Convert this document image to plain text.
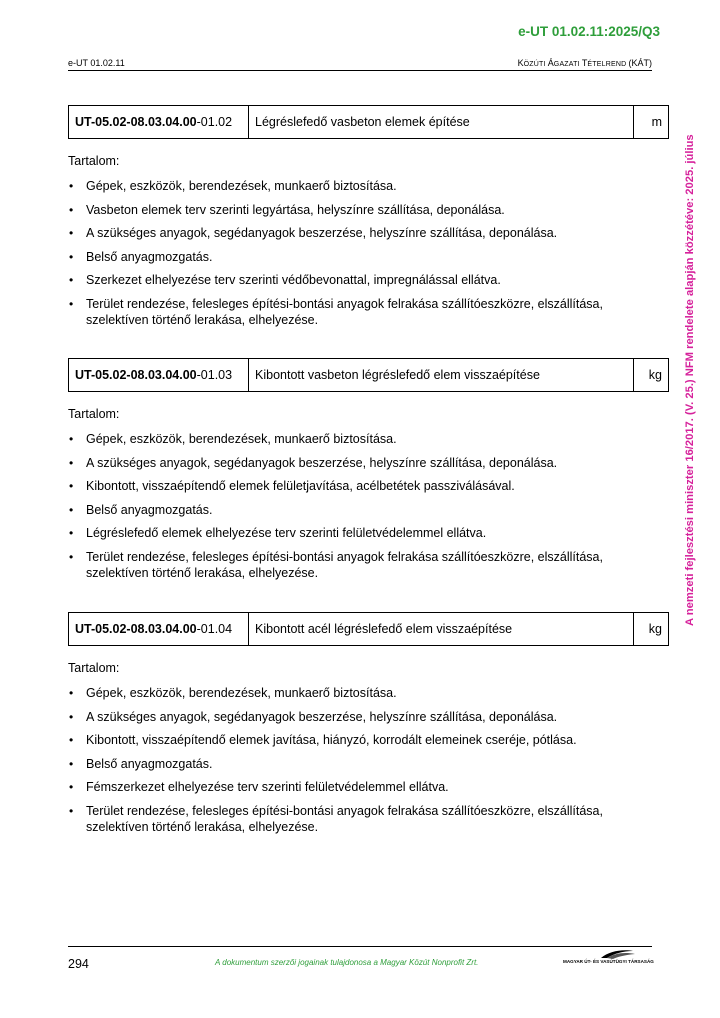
e-UT 01.02.11:2025/Q3
e-UT 01.02.11	KÖZÚTI ÁGAZATI TÉTELREND (KÁT)
A nemzeti fejlesztési miniszter 16/2017. (V. 25.) NFM rendelete alapján közzétéve: 2025. július
UT-05.02-08.03.04.00-01.02	Légréslefedő vasbeton elemek építése	m
Tartalom:
• Gépek, eszközök, berendezések, munkaerő biztosítása.
• Vasbeton elemek terv szerinti legyártása, helyszínre szállítása, deponálása.
• A szükséges anyagok, segédanyagok beszerzése, helyszínre szállítása, deponálása.
• Belső anyagmozgatás.
• Szerkezet elhelyezése terv szerinti védőbevonattal, impregnálással ellátva.
• Terület rendezése, felesleges építési-bontási anyagok felrakása szállítóeszközre, elszállítása, szelektíven történő lerakása, elhelyezése.
UT-05.02-08.03.04.00-01.03	Kibontott vasbeton légréslefedő elem visszaépítése	kg
Tartalom:
• Gépek, eszközök, berendezések, munkaerő biztosítása.
• A szükséges anyagok, segédanyagok beszerzése, helyszínre szállítása, deponálása.
• Kibontott, visszaépítendő elemek felületjavítása, acélbetétek passziválásával.
• Belső anyagmozgatás.
• Légréslefedő elemek elhelyezése terv szerinti felületvédelemmel ellátva.
• Terület rendezése, felesleges építési-bontási anyagok felrakása szállítóeszközre, elszállítása, szelektíven történő lerakása, elhelyezése.
UT-05.02-08.03.04.00-01.04	Kibontott acél légréslefedő elem visszaépítése	kg
Tartalom:
• Gépek, eszközök, berendezések, munkaerő biztosítása.
• A szükséges anyagok, segédanyagok beszerzése, helyszínre szállítása, deponálása.
• Kibontott, visszaépítendő elemek javítása, hiányzó, korrodált elemeinek cseréje, pótlása.
• Belső anyagmozgatás.
• Fémszerkezet elhelyezése terv szerinti felületvédelemmel ellátva.
• Terület rendezése, felesleges építési-bontási anyagok felrakása szállítóeszközre, elszállítása, szelektíven történő lerakása, elhelyezése.
294	A dokumentum szerzői jogainak tulajdonosa a Magyar Közút Nonprofit Zrt.	MAGYAR ÚT- ÉS VASÚTÜGYI TÁRSASÁG
